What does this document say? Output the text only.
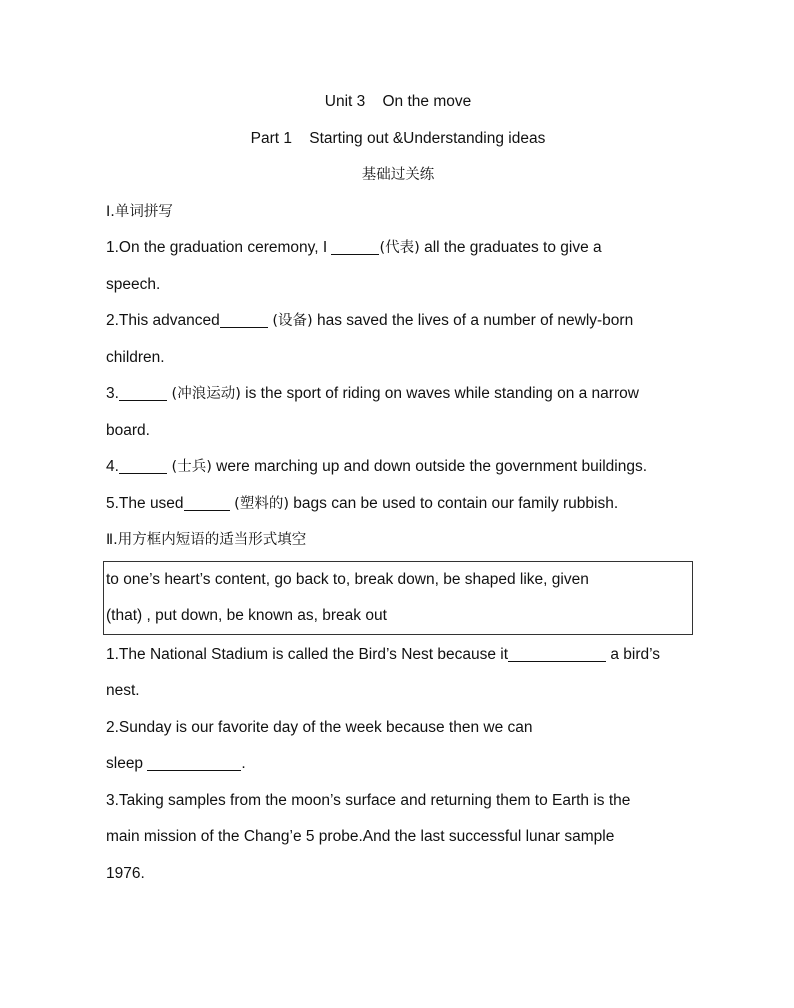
Unit 3    On the move
Part 1    Starting out &Understanding ideas
基础过关练
Ⅰ.单词拼写
1.On the graduation ceremony, I	(代表) all the graduates to give a
speech.
2.This advanced	(设备) has saved the lives of a number of newly-born
children.
3.	(冲浪运动) is the sport of riding on waves while standing on a narrow
board.
4.	(士兵) were marching up and down outside the government buildings.
5.The used	(塑料的) bags can be used to contain our family rubbish.
Ⅱ.用方框内短语的适当形式填空
to one’s heart’s content, go back to, break down, be shaped like, given
(that) , put down, be known as, break out
1.The National Stadium is called the Bird’s Nest because it	a bird’s
nest.
2.Sunday is our favorite day of the week because then we can
sleep	.
3.Taking samples from the moon’s surface and returning them to Earth is the
main mission of the Chang’e 5 probe.And the last successful lunar sample
1976.
